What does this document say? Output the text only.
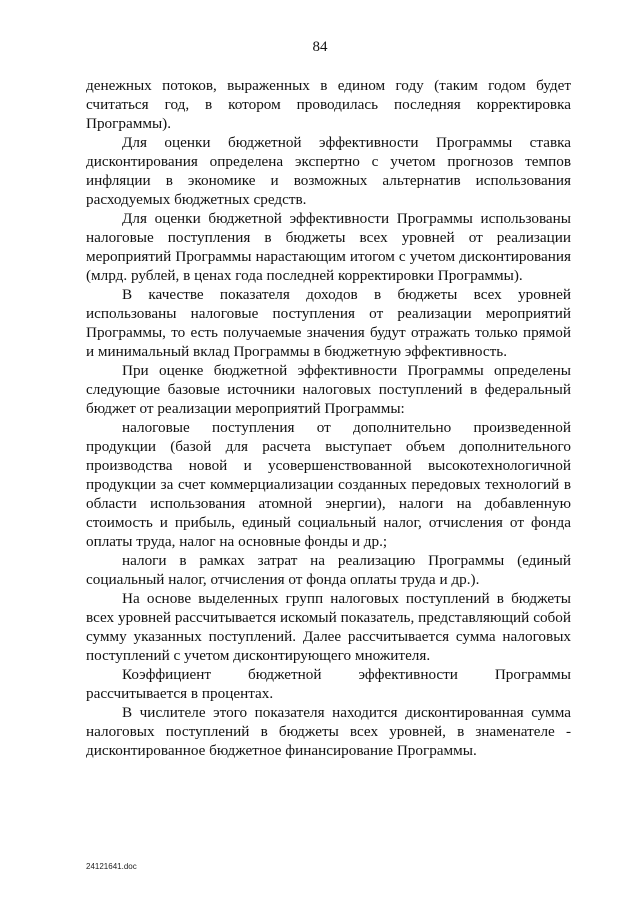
84

денежных потоков, выраженных в едином году (таким годом будет считаться год, в котором проводилась последняя корректировка Программы).

Для оценки бюджетной эффективности Программы ставка дисконтирования определена экспертно с учетом прогнозов темпов инфляции в экономике и возможных альтернатив использования расходуемых бюджетных средств.

Для оценки бюджетной эффективности Программы использованы налоговые поступления в бюджеты всех уровней от реализации мероприятий Программы нарастающим итогом с учетом дисконтирования (млрд. рублей, в ценах года последней корректировки Программы).

В качестве показателя доходов в бюджеты всех уровней использованы налоговые поступления от реализации мероприятий Программы, то есть получаемые значения будут отражать только прямой и минимальный вклад Программы в бюджетную эффективность.

При оценке бюджетной эффективности Программы определены следующие базовые источники налоговых поступлений в федеральный бюджет от реализации мероприятий Программы:

налоговые поступления от дополнительно произведенной продукции (базой для расчета выступает объем дополнительного производства новой и усовершенствованной высокотехнологичной продукции за счет коммерциализации созданных передовых технологий в области использования атомной энергии), налоги на добавленную стоимость и прибыль, единый социальный налог, отчисления от фонда оплаты труда, налог на основные фонды и др.;

налоги в рамках затрат на реализацию Программы (единый социальный налог, отчисления от фонда оплаты труда и др.).

На основе выделенных групп налоговых поступлений в бюджеты всех уровней рассчитывается искомый показатель, представляющий собой сумму указанных поступлений. Далее рассчитывается сумма налоговых поступлений с учетом дисконтирующего множителя.

Коэффициент бюджетной эффективности Программы рассчитывается в процентах.

В числителе этого показателя находится дисконтированная сумма налоговых поступлений в бюджеты всех уровней, в знаменателе - дисконтированное бюджетное финансирование Программы.

24121641.doc
